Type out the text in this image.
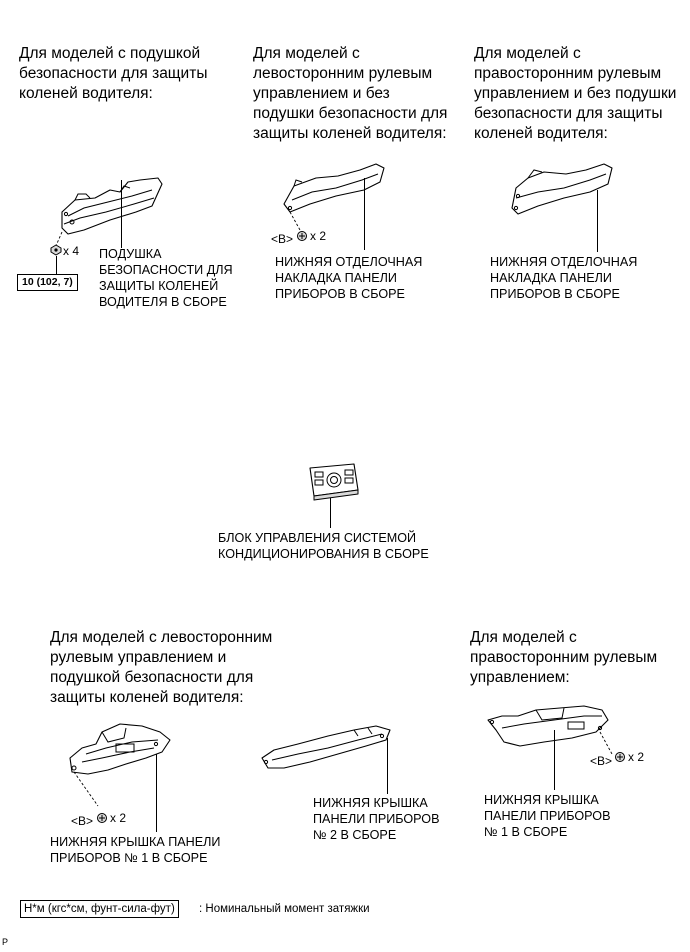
Для моделей с подушкой
безопасности для защиты
коленей водителя:
Для моделей с
левосторонним рулевым
управлением и без
подушки безопасности для
защиты коленей водителя:
Для моделей с
правосторонним рулевым
управлением и без подушки
безопасности для защиты
коленей водителя:
Для моделей с левосторонним
рулевым управлением и
подушкой безопасности для
защиты коленей водителя:
Для моделей с
правосторонним рулевым
управлением:
x 4
10 (102, 7)
ПОДУШКА
БЕЗОПАСНОСТИ ДЛЯ
ЗАЩИТЫ КОЛЕНЕЙ
ВОДИТЕЛЯ В СБОРЕ
<B> x 2
НИЖНЯЯ ОТДЕЛОЧНАЯ
НАКЛАДКА ПАНЕЛИ
ПРИБОРОВ В СБОРЕ
НИЖНЯЯ ОТДЕЛОЧНАЯ
НАКЛАДКА ПАНЕЛИ
ПРИБОРОВ В СБОРЕ
БЛОК УПРАВЛЕНИЯ СИСТЕМОЙ
КОНДИЦИОНИРОВАНИЯ В СБОРЕ
<B> x 2
НИЖНЯЯ КРЫШКА ПАНЕЛИ
ПРИБОРОВ № 1 В СБОРЕ
НИЖНЯЯ КРЫШКА
ПАНЕЛИ ПРИБОРОВ
№ 2 В СБОРЕ
<B> x 2
НИЖНЯЯ КРЫШКА
ПАНЕЛИ ПРИБОРОВ
№ 1 В СБОРЕ
Н*м (кгс*см, фунт-сила-фут)	: Номинальный момент затяжки
P
